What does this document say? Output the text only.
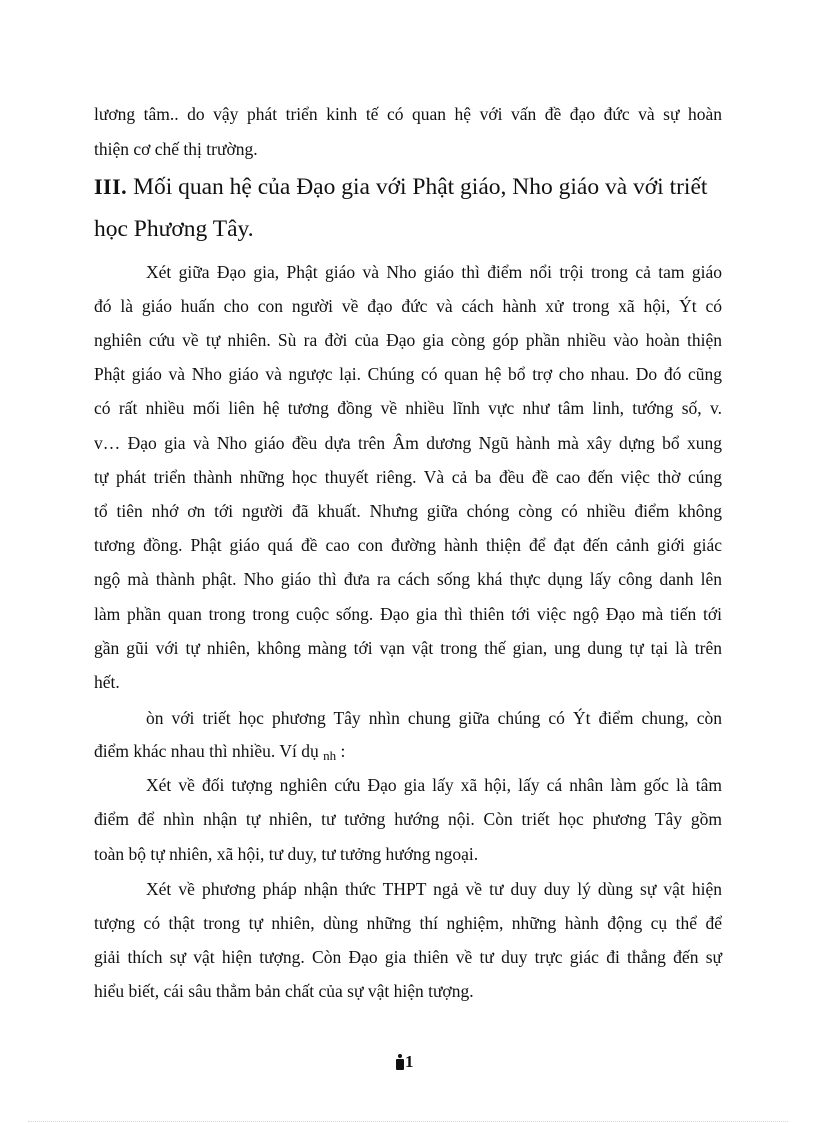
lương tâm.. do vậy phát triển kinh tế có quan hệ với vấn đề đạo đức và sự hoàn
thiện cơ chế thị trường.
III. Mối quan hệ của Đạo gia với Phật giáo, Nho giáo và với triết
học Phương Tây.
Xét giữa Đạo gia, Phật giáo và Nho giáo thì điểm nổi trội trong cả tam giáo
đó là giáo huấn cho con người về đạo đức và cách hành xử trong xã hội, Ýt có
nghiên cứu về tự nhiên. Sù ra đời của Đạo gia còng góp phần nhiều vào hoàn thiện
Phật giáo và Nho giáo và ngược lại. Chúng có quan hệ bổ trợ cho nhau. Do đó cũng
có rất nhiều mối liên hệ tương đồng về nhiều lĩnh vực như tâm linh, tướng số, v.
v… Đạo gia và Nho giáo đều dựa trên Âm dương Ngũ hành mà xây dựng bổ xung
tự phát triển thành những học thuyết riêng. Và cả ba đều đề cao đến việc thờ cúng
tổ tiên nhớ ơn tới người đã khuất. Nhưng giữa chóng còng có nhiều điểm không
tương đồng. Phật giáo quá đề cao con đường hành thiện để đạt đến cảnh giới giác
ngộ mà thành phật. Nho giáo thì đưa ra cách sống khá thực dụng lấy công danh lên
làm phần quan trong trong cuộc sống. Đạo gia thì thiên tới việc ngộ Đạo mà tiến tới
gần gũi với tự nhiên, không màng tới vạn vật trong thế gian, ung dung tự tại là trên
hết.
òn với triết học phương Tây nhìn chung giữa chúng có Ýt điểm chung, còn
điểm khác nhau thì nhiều. Ví dụ nh :
Xét về đối tượng nghiên cứu Đạo gia lấy xã hội, lấy cá nhân làm gốc là tâm
điểm để nhìn nhận tự nhiên, tư tưởng hướng nội. Còn triết học phương Tây gồm
toàn bộ tự nhiên, xã hội, tư duy, tư tưởng hướng ngoại.
Xét về phương pháp nhận thức THPT ngả về tư duy duy lý dùng sự vật hiện
tượng có thật trong tự nhiên, dùng những thí nghiệm, những hành động cụ thể để
giải thích sự vật hiện tượng. Còn Đạo gia thiên về tư duy trực giác đi thẳng đến sự
hiểu biết, cái sâu thẳm bản chất của sự vật hiện tượng.
1
